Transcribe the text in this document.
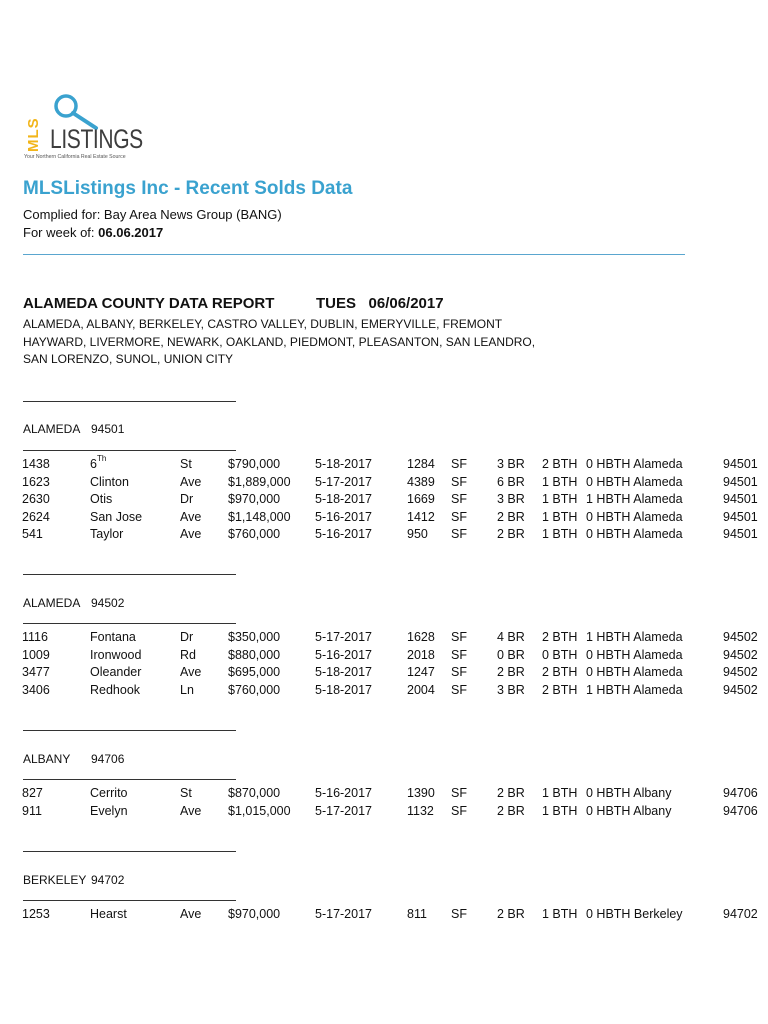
MLS LISTINGS
Your Northern California Real Estate Source
MLSListings Inc - Recent Solds Data
Complied for: Bay Area News Group (BANG)
For week of: 06.06.2017
ALAMEDA COUNTY DATA REPORT	TUES   06/06/2017
ALAMEDA, ALBANY, BERKELEY, CASTRO VALLEY, DUBLIN, EMERYVILLE, FREMONT
HAYWARD, LIVERMORE, NEWARK, OAKLAND, PIEDMONT, PLEASANTON, SAN LEANDRO,
SAN LORENZO, SUNOL, UNION CITY
ALAMEDA 94501
1438	6Th	St	$790,000	5-18-2017	1284 SF 3 BR 2 BTH 0 HBTH Alameda	94501
1623	Clinton	Ave $1,889,000 5-17-2017	4389 SF 6 BR 1 BTH 0 HBTH Alameda	94501
2630	Otis	Dr	$970,000	5-18-2017	1669 SF 3 BR 1 BTH 1 HBTH Alameda	94501
2624	San Jose	Ave $1,148,000 5-16-2017	1412 SF 2 BR 1 BTH 0 HBTH Alameda	94501
541	Taylor	Ave $760,000	5-16-2017	950 SF 2 BR 1 BTH 0 HBTH Alameda	94501
ALAMEDA 94502
1116	Fontana	Dr	$350,000	5-17-2017	1628 SF 4 BR 2 BTH 1 HBTH Alameda	94502
1009	Ironwood	Rd	$880,000	5-16-2017	2018 SF 0 BR 0 BTH 0 HBTH Alameda	94502
3477	Oleander	Ave $695,000	5-18-2017	1247 SF 2 BR 2 BTH 0 HBTH Alameda	94502
3406	Redhook	Ln	$760,000	5-18-2017	2004 SF 3 BR 2 BTH 1 HBTH Alameda	94502
ALBANY 94706
827	Cerrito	St	$870,000	5-16-2017	1390 SF 2 BR 1 BTH 0 HBTH Albany	94706
911	Evelyn	Ave $1,015,000 5-17-2017	1132 SF 2 BR 1 BTH 0 HBTH Albany	94706
BERKELEY 94702
1253	Hearst	Ave $970,000	5-17-2017	811 SF 2 BR 1 BTH 0 HBTH Berkeley	94702
